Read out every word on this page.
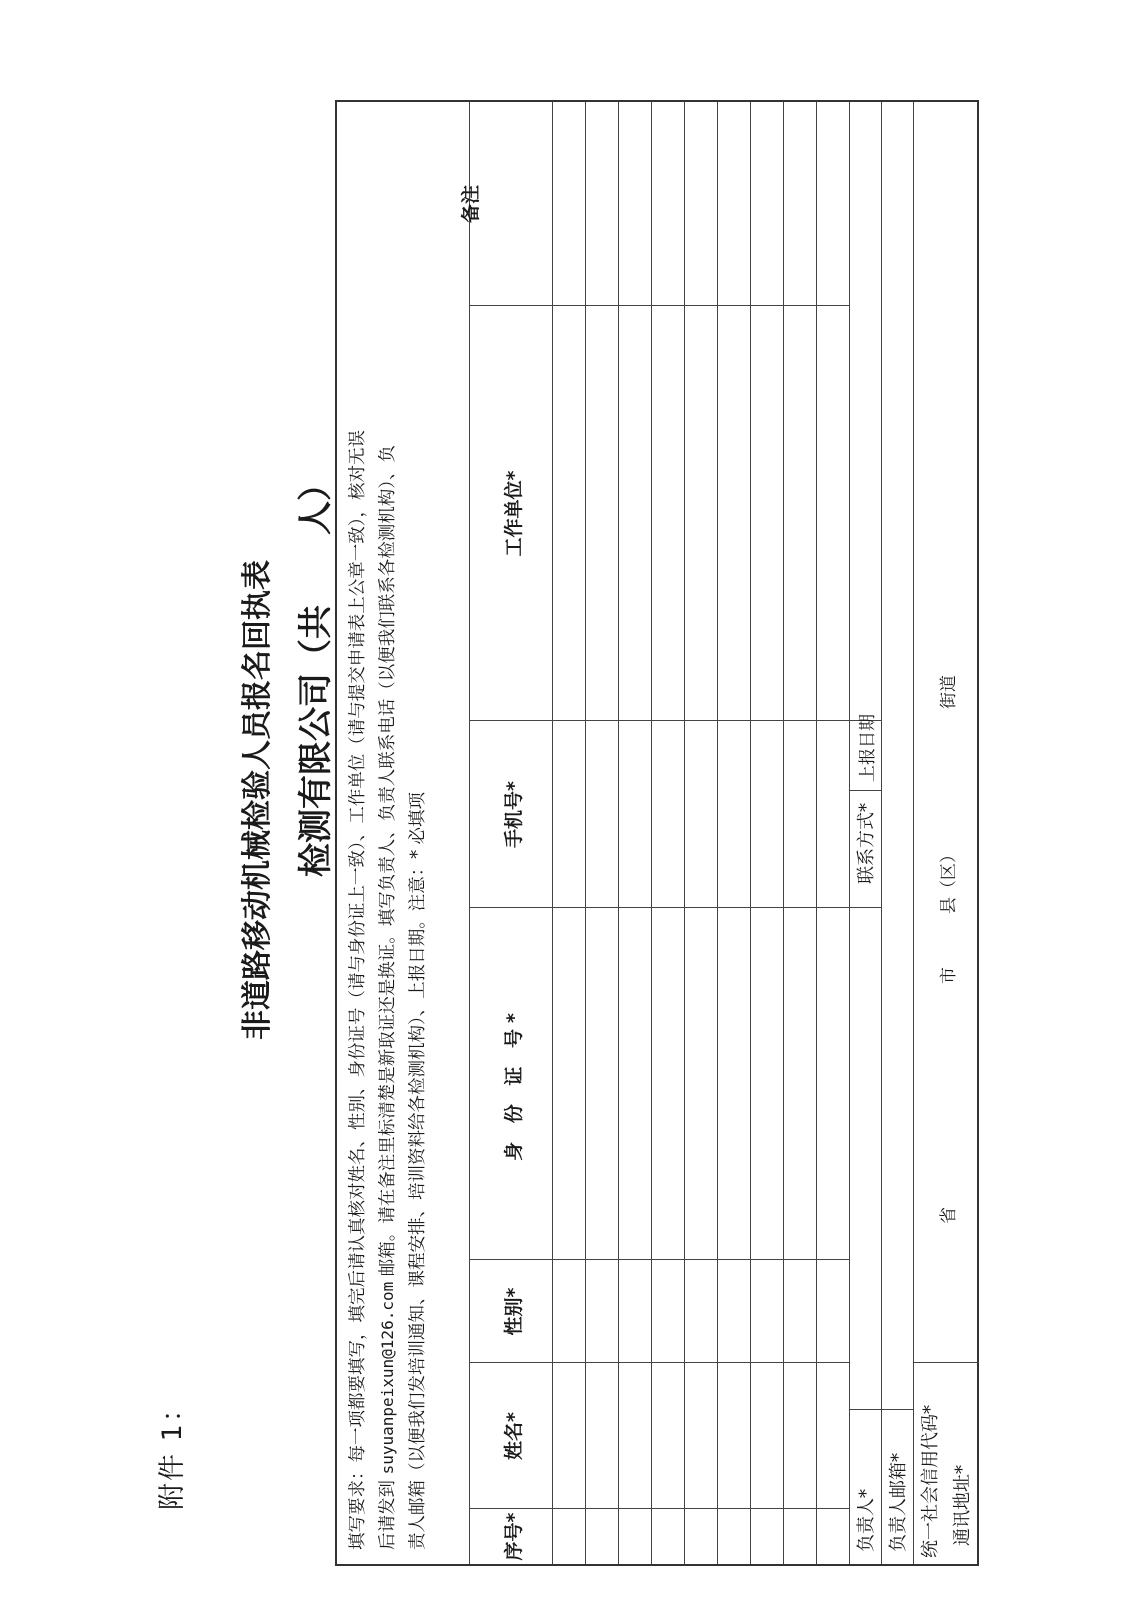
附件 1：
非道路移动机械检验人员报名回执表 检测有限公司（共人） 填写要求：每一项都要填写，填完后请认真核对姓名、性别、身份证号（请与身份证上一致）、工作单位（请与提交申请表上公章一致），核对无误 后请发到 suyuanpeixun@126.com 邮箱。请在备注里标清楚是新取证还是换证。填写负责人、负责人联系电话（以便我们联系各检测机构）、负 责人邮箱（以便我们发培训通知、课程安排、培训资料给各检测机构）、上报日期。注意：* 必填项	序号*
姓名*
性别*
身 份 证 号*
手机号*
工作单位*
备注
负责人*
联系方式*
上报日期
负责人邮箱* 统一社会信用代码* 通讯地址*
省
市
县（区）
街道
